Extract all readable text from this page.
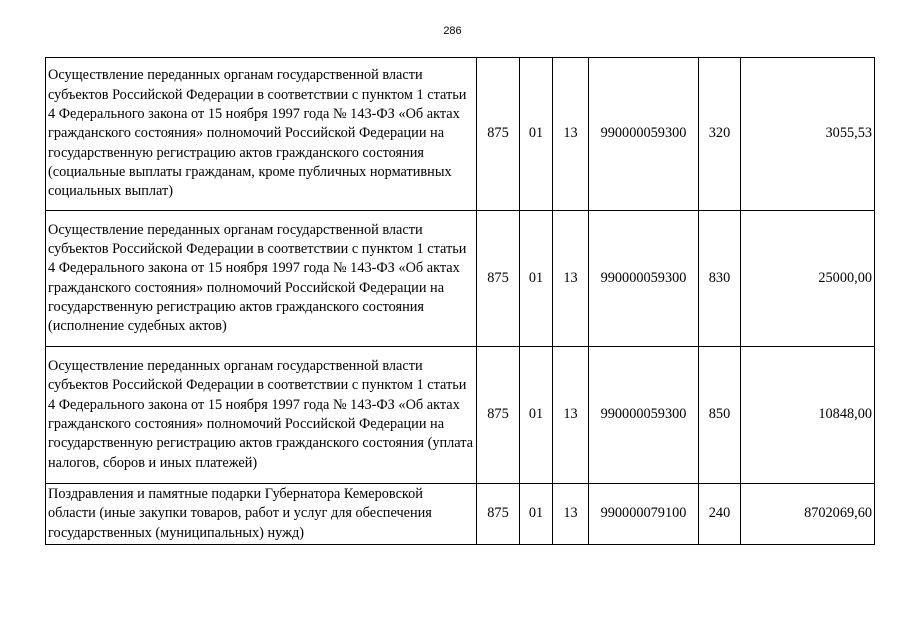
286
Осуществление переданных органам государственной власти субъектов Российской Федерации в соответствии с пунктом 1 статьи 4 Федерального закона от 15 ноября 1997 года № 143-ФЗ «Об актах гражданского состояния» полномочий Российской Федерации на государственную регистрацию актов гражданского состояния (социальные выплаты гражданам, кроме публичных нормативных социальных выплат)	875	01	13	990000059300	320	3055,53
Осуществление переданных органам государственной власти субъектов Российской Федерации в соответствии с пунктом 1 статьи 4 Федерального закона от 15 ноября 1997 года № 143-ФЗ «Об актах гражданского состояния» полномочий Российской Федерации на государственную регистрацию актов гражданского состояния (исполнение судебных актов)	875	01	13	990000059300	830	25000,00
Осуществление переданных органам государственной власти субъектов Российской Федерации в соответствии с пунктом 1 статьи 4 Федерального закона от 15 ноября 1997 года № 143-ФЗ «Об актах гражданского состояния» полномочий Российской Федерации на государственную регистрацию актов гражданского состояния (уплата налогов, сборов и иных платежей)	875	01	13	990000059300	850	10848,00
Поздравления и памятные подарки Губернатора Кемеровской области (иные закупки товаров, работ и услуг для обеспечения государственных (муниципальных) нужд)	875	01	13	990000079100	240	8702069,60
